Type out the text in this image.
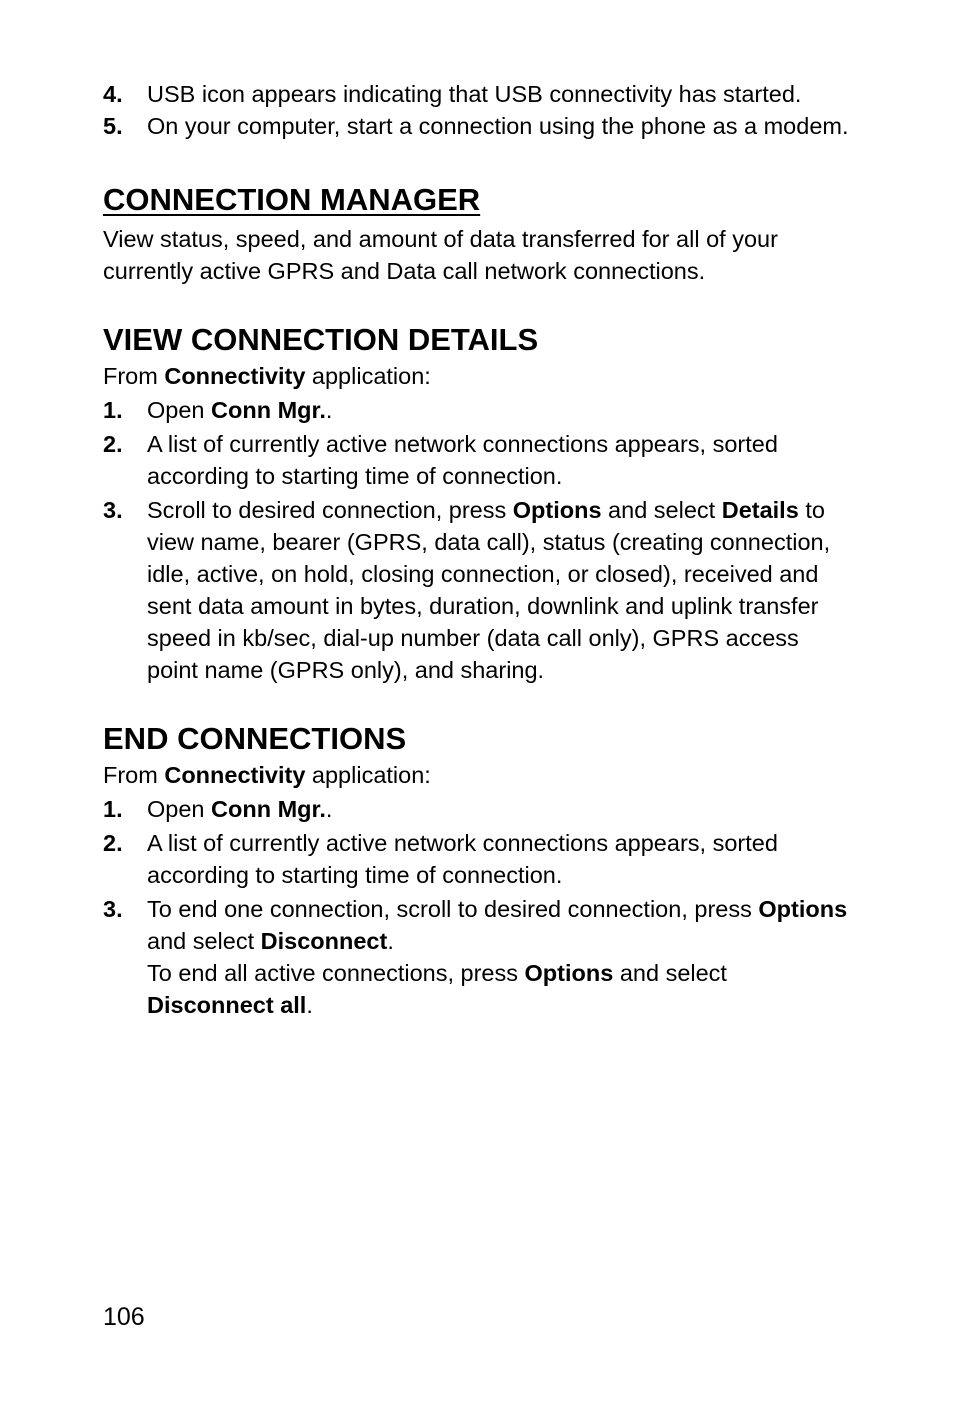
4. USB icon appears indicating that USB connectivity has started.
5. On your computer, start a connection using the phone as a modem.
CONNECTION MANAGER

View status, speed, and amount of data transferred for all of your currently active GPRS and Data call network connections.

VIEW CONNECTION DETAILS

From Connectivity application:

1. Open Conn Mgr..
2. A list of currently active network connections appears, sorted according to starting time of connection.
3. Scroll to desired connection, press Options and select Details to view name, bearer (GPRS, data call), status (creating connection, idle, active, on hold, closing connection, or closed), received and sent data amount in bytes, duration, downlink and uplink transfer speed in kb/sec, dial-up number (data call only), GPRS access point name (GPRS only), and sharing.
END CONNECTIONS

From Connectivity application:

1. Open Conn Mgr..
2. A list of currently active network connections appears, sorted according to starting time of connection.
3. To end one connection, scroll to desired connection, press Options and select Disconnect.
To end all active connections, press Options and select Disconnect all.
106
